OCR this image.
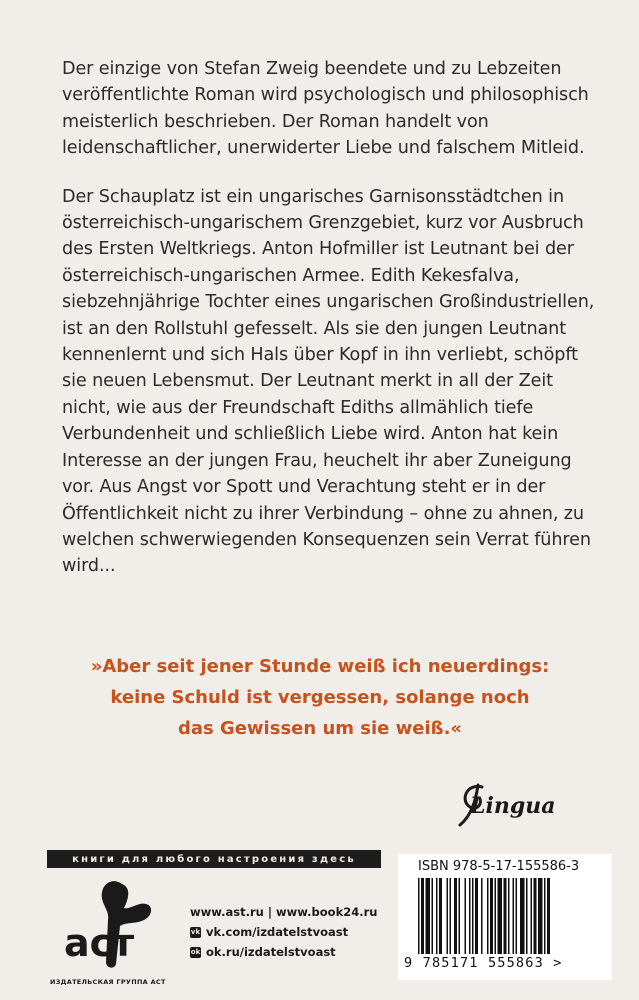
Der einzige von Stefan Zweig beendete und zu Lebzeiten veröffentlichte Roman wird psychologisch und philosophisch meisterlich beschrieben. Der Roman handelt von leidenschaftlicher, unerwiderter Liebe und falschem Mitleid.

Der Schauplatz ist ein ungarisches Garnisonsstädtchen in österreichisch-ungarischem Grenzgebiet, kurz vor Ausbruch des Ersten Weltkriegs. Anton Hofmiller ist Leutnant bei der österreichisch-ungarischen Armee. Edith Kekesfalva, siebzehnjährige Tochter eines ungarischen Großindustriellen, ist an den Rollstuhl gefesselt. Als sie den jungen Leutnant kennenlernt und sich Hals über Kopf in ihn verliebt, schöpft sie neuen Lebensmut. Der Leutnant merkt in all der Zeit nicht, wie aus der Freundschaft Ediths allmählich tiefe Verbundenheit und schließlich Liebe wird. Anton hat kein Interesse an der jungen Frau, heuchelt ihr aber Zuneigung vor. Aus Angst vor Spott und Verachtung steht er in der Öffentlichkeit nicht zu ihrer Verbindung – ohne zu ahnen, zu welchen schwerwiegenden Konsequenzen sein Verrat führen wird...

»Aber seit jener Stunde weiß ich neuerdings:
keine Schuld ist vergessen, solange noch
das Gewissen um sie weiß.«
Lingua
книги для любого настроения здесь
аст
ИЗДАТЕЛЬСКАЯ ГРУППА АСТ
www.ast.ru | www.book24.ru
vk vk.com/izdatelstvoast
ok ok.ru/izdatelstvoast
ISBN 978-5-17-155586-3
9 785171 555863 >
